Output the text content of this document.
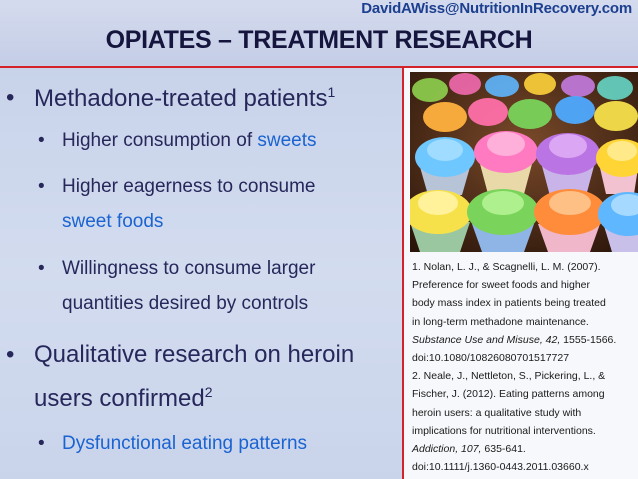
DavidAWiss@NutritionInRecovery.com

OPIATES – TREATMENT RESEARCH
• Methadone-treated patients$^1$

• Higher consumption of sweets

• Higher eagerness to consume

sweet foods

• Willingness to consume larger

quantities desired by controls

• Qualitative research on heroin

users confirmed$^2$

• Dysfunctional eating patterns

1. Nolan, L. J., & Scagnelli, L. M. (2007).

Preference for sweet foods and higher

body mass index in patients being treated

in long-term methadone maintenance.

Substance Use and Misuse, 42, 1555-1566.

doi:10.1080/10826080701517727

2. Neale, J., Nettleton, S., Pickering, L., &

Fischer, J. (2012). Eating patterns among

heroin users: a qualitative study with

implications for nutritional interventions.

Addiction, 107, 635-641.

doi:10.1111/j.1360-0443.2011.03660.x
